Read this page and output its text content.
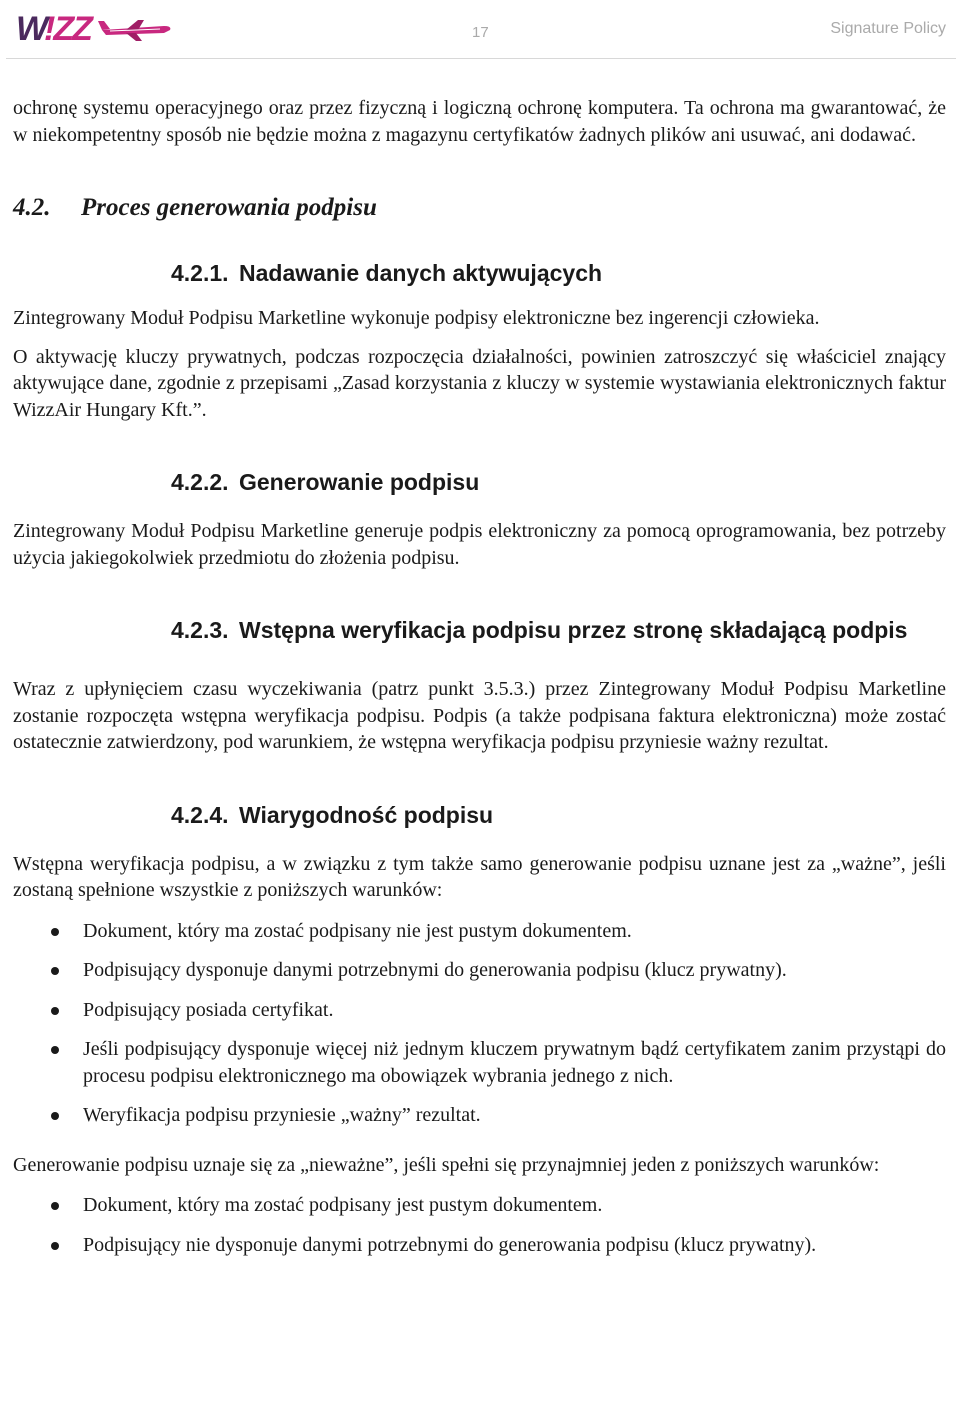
W
!ZZ	17	Signature Policy

ochronę systemu operacyjnego oraz przez fizyczną i logiczną ochronę komputera. Ta ochrona ma gwarantować, że w niekompetentny sposób nie będzie można z magazynu certyfikatów żadnych plików ani usuwać, ani dodawać.

4.2.	Proces generowania podpisu
4.2.1. Nadawanie danych aktywujących

Zintegrowany Moduł Podpisu Marketline wykonuje podpisy elektroniczne bez ingerencji człowieka.

O aktywację kluczy prywatnych, podczas rozpoczęcia działalności, powinien zatroszczyć się właściciel znający aktywujące dane, zgodnie z przepisami „Zasad korzystania z kluczy w systemie wystawiania elektronicznych faktur WizzAir Hungary Kft.”.

4.2.2. Generowanie podpisu

Zintegrowany Moduł Podpisu Marketline generuje podpis elektroniczny za pomocą oprogramowania, bez potrzeby użycia jakiegokolwiek przedmiotu do złożenia podpisu.

4.2.3. Wstępna weryfikacja podpisu przez stronę składającą podpis

Wraz z upłynięciem czasu wyczekiwania (patrz punkt 3.5.3.) przez Zintegrowany Moduł Podpisu Marketline zostanie rozpoczęta wstępna weryfikacja podpisu. Podpis (a także podpisana faktura elektroniczna) może zostać ostatecznie zatwierdzony, pod warunkiem, że wstępna weryfikacja podpisu przyniesie ważny rezultat.

4.2.4. Wiarygodność podpisu

Wstępna weryfikacja podpisu, a w związku z tym także samo generowanie podpisu uznane jest za „ważne”, jeśli zostaną spełnione wszystkie z poniższych warunków:

Dokument, który ma zostać podpisany nie jest pustym dokumentem.
Podpisujący dysponuje danymi potrzebnymi do generowania podpisu (klucz prywatny).
Podpisujący posiada certyfikat.
Jeśli podpisujący dysponuje więcej niż jednym kluczem prywatnym bądź certyfikatem zanim przystąpi do procesu podpisu elektronicznego ma obowiązek wybrania jednego z nich.
Weryfikacja podpisu przyniesie „ważny” rezultat.

Generowanie podpisu uznaje się za „nieważne”, jeśli spełni się przynajmniej jeden z poniższych warunków:

Dokument, który ma zostać podpisany jest pustym dokumentem.
Podpisujący nie dysponuje danymi potrzebnymi do generowania podpisu (klucz prywatny).
